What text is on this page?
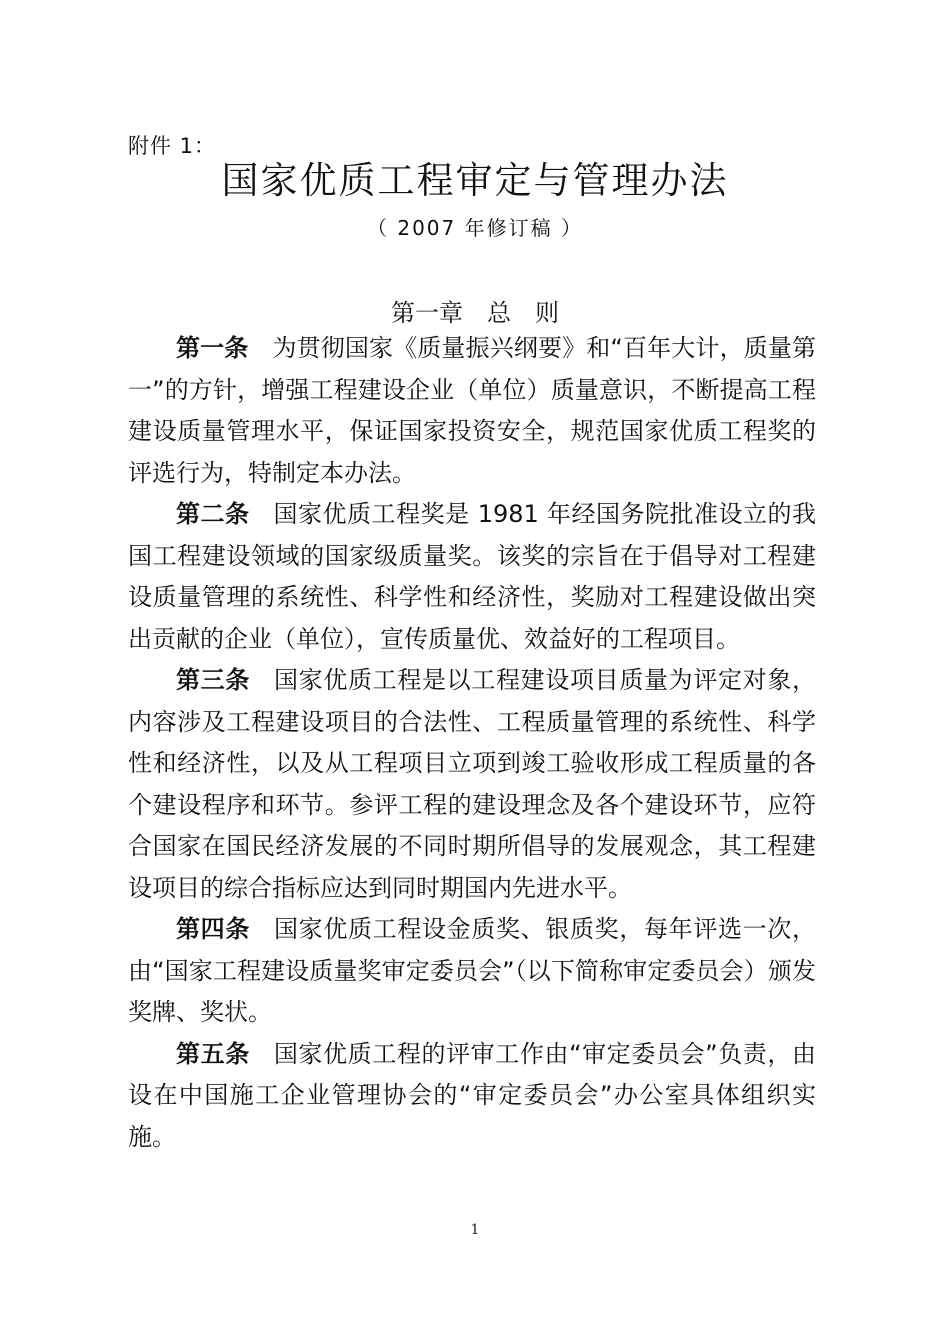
附件 1：
国家优质工程审定与管理办法
（ 2007 年修订稿 ）
第一章　总　则

第一条 为贯彻国家《质量振兴纲要》和“百年大计，质量第一”的方针，增强工程建设企业（单位）质量意识，不断提高工程建设质量管理水平，保证国家投资安全，规范国家优质工程奖的评选行为，特制定本办法。

第二条 国家优质工程奖是 1981 年经国务院批准设立的我国工程建设领域的国家级质量奖。该奖的宗旨在于倡导对工程建设质量管理的系统性、科学性和经济性，奖励对工程建设做出突出贡献的企业（单位），宣传质量优、效益好的工程项目。

第三条 国家优质工程是以工程建设项目质量为评定对象，内容涉及工程建设项目的合法性、工程质量管理的系统性、科学性和经济性，以及从工程项目立项到竣工验收形成工程质量的各个建设程序和环节。参评工程的建设理念及各个建设环节，应符合国家在国民经济发展的不同时期所倡导的发展观念，其工程建设项目的综合指标应达到同时期国内先进水平。

第四条 国家优质工程设金质奖、银质奖，每年评选一次，由“国家工程建设质量奖审定委员会”（以下简称审定委员会）颁发奖牌、奖状。

第五条 国家优质工程的评审工作由“审定委员会”负责，由设在中国施工企业管理协会的“审定委员会”办公室具体组织实施。

1
